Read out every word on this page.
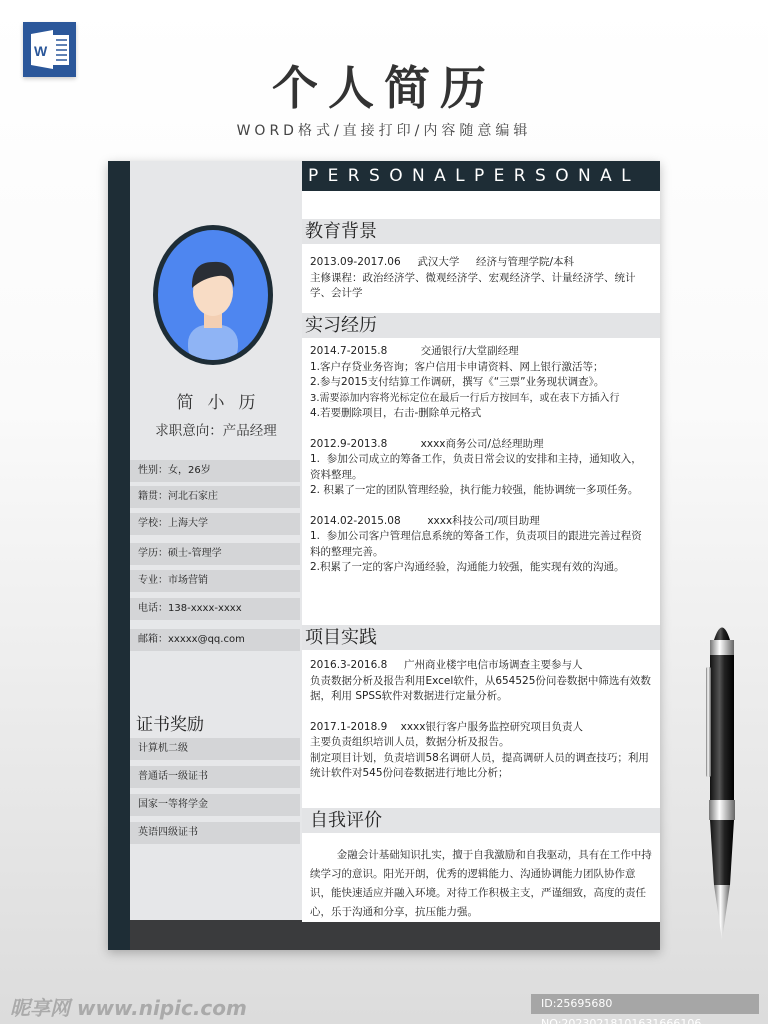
W
个人简历
WORD格式/直接打印/内容随意编辑
PERSONALPERSONAL
简小历
求职意向：产品经理
性别：女，26岁
籍贯：河北石家庄
学校：上海大学
学历：硕士-管理学
专业：市场营销
电话：138-xxxx-xxxx
邮箱：xxxxx@qq.com
证书奖励
计算机二级
普通话一级证书
国家一等将学金
英语四级证书
教育背景

2013.09-2017.06     武汉大学     经济与管理学院/本科

主修课程：政治经济学、微观经济学、宏观经济学、计量经济学、统计学、会计学

实习经历

2014.7-2015.8          交通银行/大堂副经理

1.客户存贷业务咨询；客户信用卡申请资料、网上银行激活等；

2.参与2015支付结算工作调研，撰写《“三票”业务现状调查》。

3.需要添加内容将光标定位在最后一行后方按回车，或在表下方插入行

4.若要删除项目，右击-删除单元格式

2012.9-2013.8          xxxx商务公司/总经理助理

1.  参加公司成立的筹备工作，负责日常会议的安排和主持，通知收入，资料整理。

2. 积累了一定的团队管理经验，执行能力较强，能协调统一多项任务。

2014.02-2015.08        xxxx科技公司/项目助理

1.  参加公司客户管理信息系统的筹备工作，负责项目的跟进完善过程资料的整理完善。

2.积累了一定的客户沟通经验，沟通能力较强，能实现有效的沟通。

项目实践

2016.3-2016.8     广州商业楼宇电信市场调查主要参与人

负责数据分析及报告利用Excel软件，从654525份问卷数据中筛选有效数据，利用 SPSS软件对数据进行定量分析。

2017.1-2018.9    xxxx银行客户服务监控研究项目负责人

主要负责组织培训人员，数据分析及报告。

制定项目计划，负责培训58名调研人员，提高调研人员的调查技巧；利用统计软件对545份问卷数据进行地比分析；

自我评价

金融会计基础知识扎实，擅于自我激励和自我驱动，具有在工作中持续学习的意识。阳光开朗，优秀的逻辑能力、沟通协调能力团队协作意识，能快速适应并融入环境。对待工作积极主支，严谨细致，高度的责任心，乐于沟通和分享，抗压能力强。

昵享网 www.nipic.com	ID:25695680 NO:20230218101631666106
